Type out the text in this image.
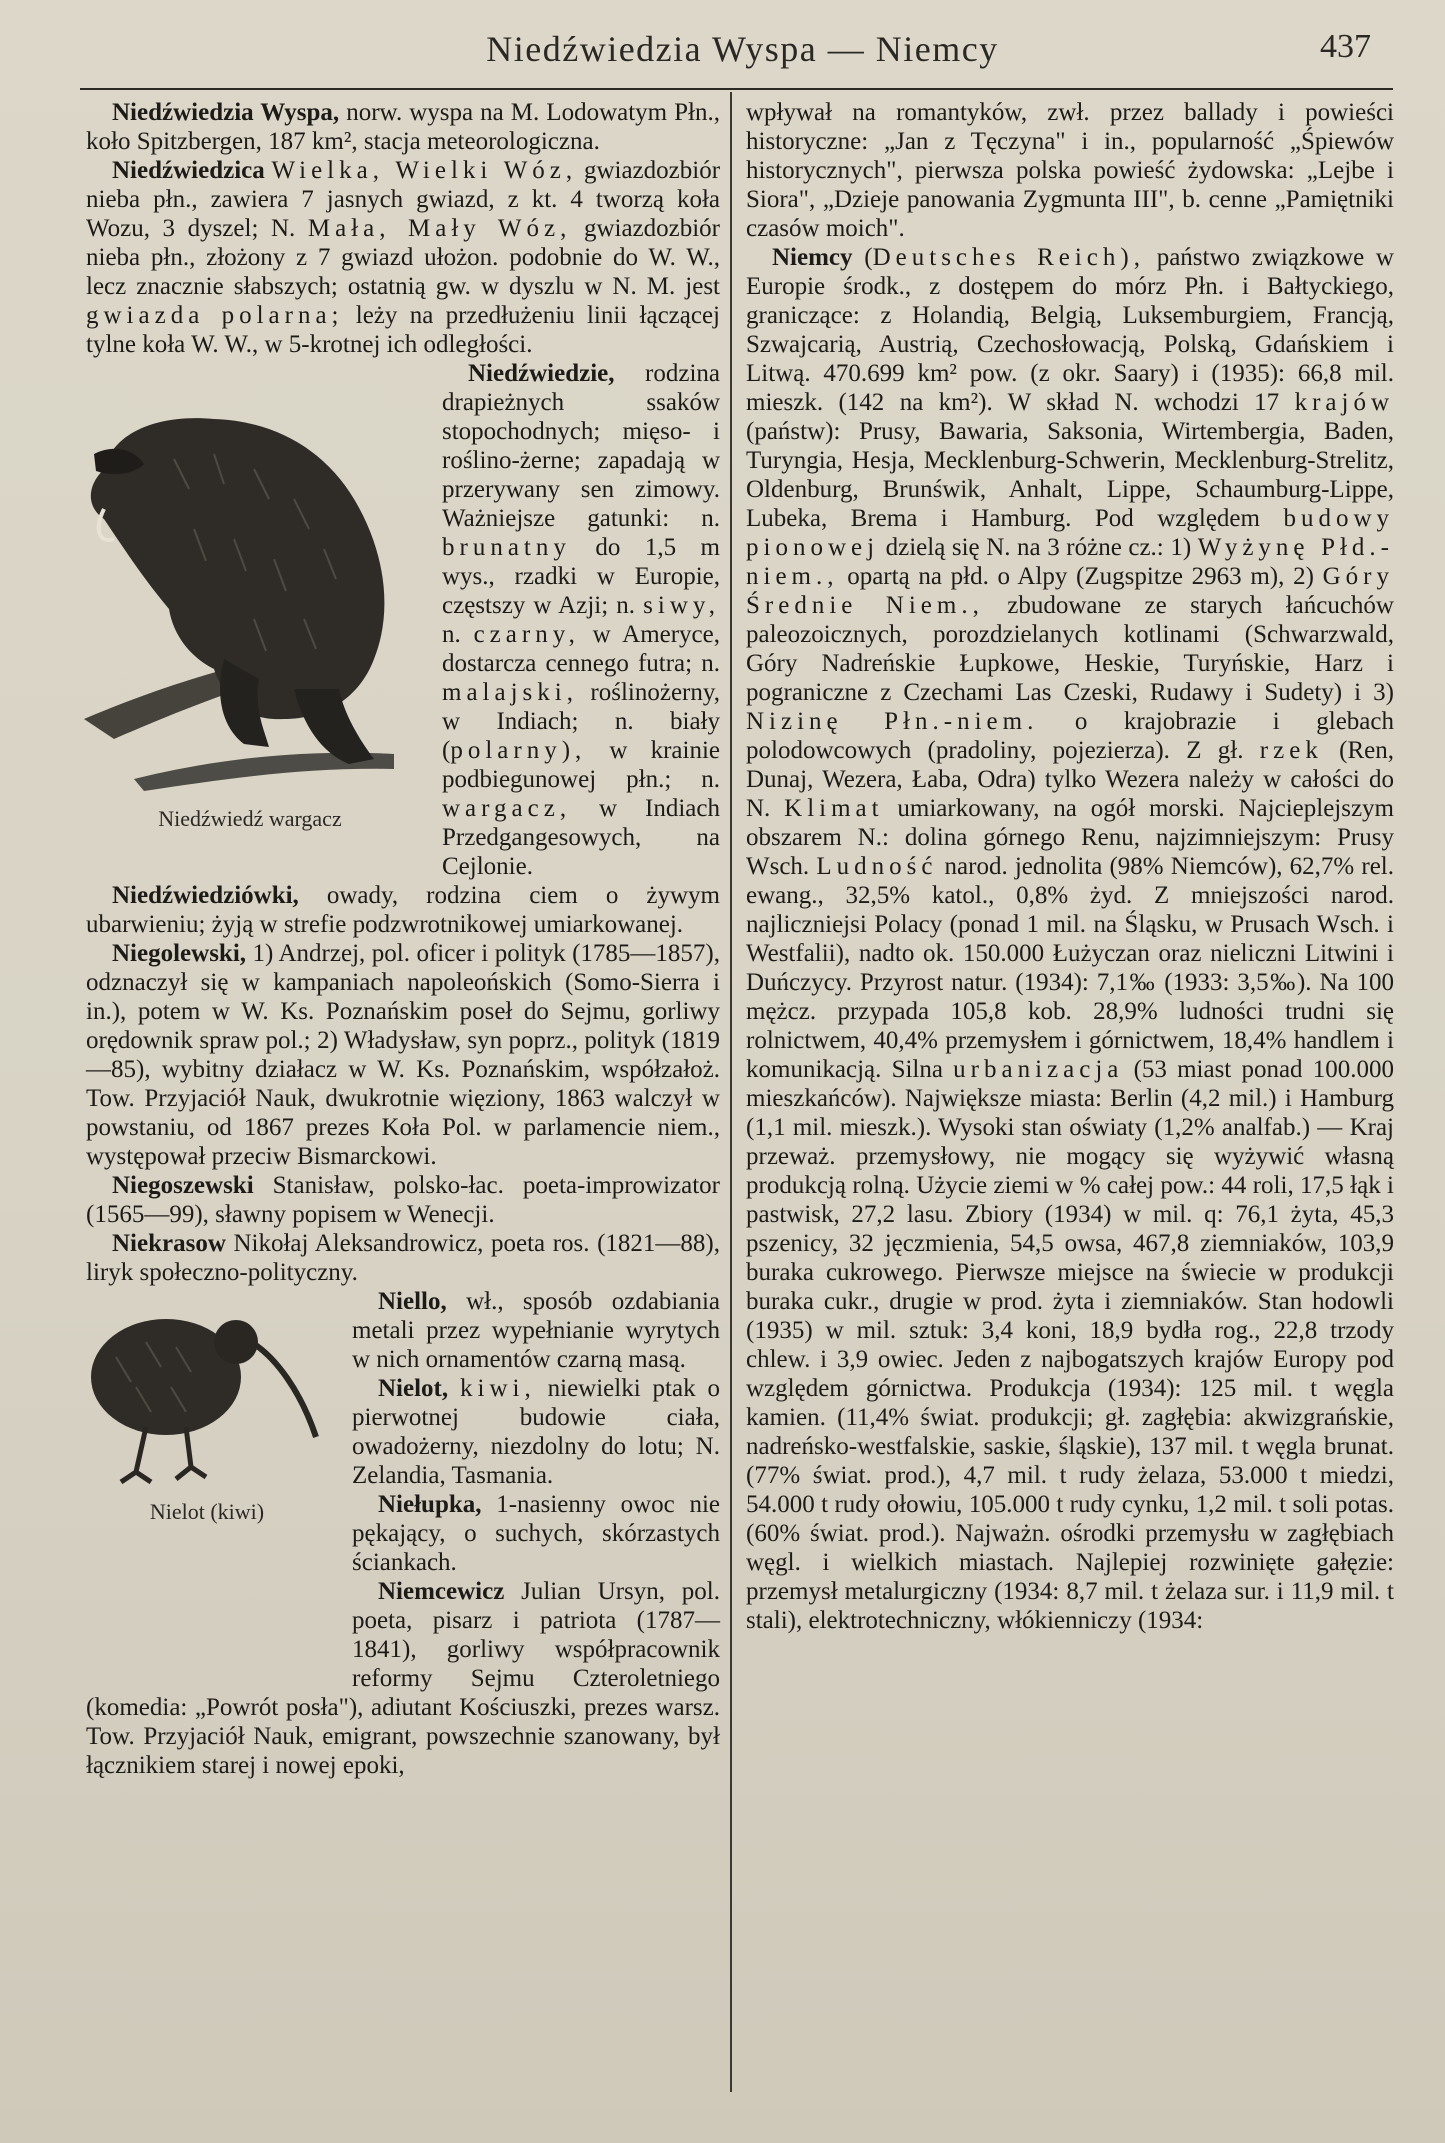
Niedźwiedzia Wyspa — Niemcy	437

Niedźwiedzia Wyspa, norw. wyspa na M. Lodowatym Płn., koło Spitzbergen, 187 km², stacja meteorologiczna.

Niedźwiedzica Wielka, Wielki Wóz, gwiazdozbiór nieba płn., zawiera 7 jasnych gwiazd, z kt. 4 tworzą koła Wozu, 3 dyszel; N. Mała, Mały Wóz, gwiazdozbiór nieba płn., złożony z 7 gwiazd ułożon. podobnie do W. W., lecz znacznie słabszych; ostatnią gw. w dyszlu w N. M. jest gwiazda polarna; leży na przedłużeniu linii łączącej tylne koła W. W., w 5-krotnej ich odległości.

Niedźwiedź wargacz

Niedźwiedzie, rodzina drapieżnych ssaków stopochodnych; mięso- i roślino-żerne; zapadają w przerywany sen zimowy. Ważniejsze gatunki: n. brunatny do 1,5 m wys., rzadki w Europie, częstszy w Azji; n. siwy, n. czarny, w Ameryce, dostarcza cennego futra; n. malajski, roślinożerny, w Indiach; n. biały (polarny), w krainie podbiegunowej płn.; n. wargacz, w Indiach Przedgangesowych, na Cejlonie.

Niedźwiedziówki, owady, rodzina ciem o żywym ubarwieniu; żyją w strefie podzwrotnikowej umiarkowanej.

Niegolewski, 1) Andrzej, pol. oficer i polityk (1785—1857), odznaczył się w kampaniach napoleońskich (Somo-Sierra i in.), potem w W. Ks. Poznańskim poseł do Sejmu, gorliwy orędownik spraw pol.; 2) Władysław, syn poprz., polityk (1819—85), wybitny działacz w W. Ks. Poznańskim, współzałoż. Tow. Przyjaciół Nauk, dwukrotnie więziony, 1863 walczył w powstaniu, od 1867 prezes Koła Pol. w parlamencie niem., występował przeciw Bismarckowi.

Niegoszewski Stanisław, polsko-łac. poeta-improwizator (1565—99), sławny popisem w Wenecji.

Niekrasow Nikołaj Aleksandrowicz, poeta ros. (1821—88), liryk społeczno-polityczny.

Nielot (kiwi)

Niello, wł., sposób ozdabiania metali przez wypełnianie wyrytych w nich ornamentów czarną masą.

Nielot, kiwi, niewielki ptak o pierwotnej budowie ciała, owadożerny, niezdolny do lotu; N. Zelandia, Tasmania.

Niełupka, 1-nasienny owoc nie pękający, o suchych, skórzastych ściankach.

Niemcewicz Julian Ursyn, pol. poeta, pisarz i patriota (1787—1841), gorliwy współpracownik reformy Sejmu Czteroletniego (komedia: „Powrót posła"), adiutant Kościuszki, prezes warsz. Tow. Przyjaciół Nauk, emigrant, powszechnie szanowany, był łącznikiem starej i nowej epoki,

wpływał na romantyków, zwł. przez ballady i powieści historyczne: „Jan z Tęczyna" i in., popularność „Śpiewów historycznych", pierwsza polska powieść żydowska: „Lejbe i Siora", „Dzieje panowania Zygmunta III", b. cenne „Pamiętniki czasów moich".

Niemcy (Deutsches Reich), państwo związkowe w Europie środk., z dostępem do mórz Płn. i Bałtyckiego, graniczące: z Holandią, Belgią, Luksemburgiem, Francją, Szwajcarią, Austrią, Czechosłowacją, Polską, Gdańskiem i Litwą. 470.699 km² pow. (z okr. Saary) i (1935): 66,8 mil. mieszk. (142 na km²). W skład N. wchodzi 17 krajów (państw): Prusy, Bawaria, Saksonia, Wirtembergia, Baden, Turyngia, Hesja, Mecklenburg-Schwerin, Mecklenburg-Strelitz, Oldenburg, Brunświk, Anhalt, Lippe, Schaumburg-Lippe, Lubeka, Brema i Hamburg. Pod względem budowy pionowej dzielą się N. na 3 różne cz.: 1) Wyżynę Płd.-niem., opartą na płd. o Alpy (Zugspitze 2963 m), 2) Góry Średnie Niem., zbudowane ze starych łańcuchów paleozoicznych, porozdzielanych kotlinami (Schwarzwald, Góry Nadreńskie Łupkowe, Heskie, Turyńskie, Harz i pograniczne z Czechami Las Czeski, Rudawy i Sudety) i 3) Nizinę Płn.-niem. o krajobrazie i glebach polodowcowych (pradoliny, pojezierza). Z gł. rzek (Ren, Dunaj, Wezera, Łaba, Odra) tylko Wezera należy w całości do N. Klimat umiarkowany, na ogół morski. Najcieplejszym obszarem N.: dolina górnego Renu, najzimniejszym: Prusy Wsch. Ludność narod. jednolita (98% Niemców), 62,7% rel. ewang., 32,5% katol., 0,8% żyd. Z mniejszości narod. najliczniejsi Polacy (ponad 1 mil. na Śląsku, w Prusach Wsch. i Westfalii), nadto ok. 150.000 Łużyczan oraz nieliczni Litwini i Duńczycy. Przyrost natur. (1934): 7,1‰ (1933: 3,5‰). Na 100 mężcz. przypada 105,8 kob. 28,9% ludności trudni się rolnictwem, 40,4% przemysłem i górnictwem, 18,4% handlem i komunikacją. Silna urbanizacja (53 miast ponad 100.000 mieszkańców). Największe miasta: Berlin (4,2 mil.) i Hamburg (1,1 mil. mieszk.). Wysoki stan oświaty (1,2% analfab.) — Kraj przeważ. przemysłowy, nie mogący się wyżywić własną produkcją rolną. Użycie ziemi w % całej pow.: 44 roli, 17,5 łąk i pastwisk, 27,2 lasu. Zbiory (1934) w mil. q: 76,1 żyta, 45,3 pszenicy, 32 jęczmienia, 54,5 owsa, 467,8 ziemniaków, 103,9 buraka cukrowego. Pierwsze miejsce na świecie w produkcji buraka cukr., drugie w prod. żyta i ziemniaków. Stan hodowli (1935) w mil. sztuk: 3,4 koni, 18,9 bydła rog., 22,8 trzody chlew. i 3,9 owiec. Jeden z najbogatszych krajów Europy pod względem górnictwa. Produkcja (1934): 125 mil. t węgla kamien. (11,4% świat. produkcji; gł. zagłębia: akwizgrańskie, nadreńsko-westfalskie, saskie, śląskie), 137 mil. t węgla brunat. (77% świat. prod.), 4,7 mil. t rudy żelaza, 53.000 t miedzi, 54.000 t rudy ołowiu, 105.000 t rudy cynku, 1,2 mil. t soli potas. (60% świat. prod.). Najważn. ośrodki przemysłu w zagłębiach węgl. i wielkich miastach. Najlepiej rozwinięte gałęzie: przemysł metalurgiczny (1934: 8,7 mil. t żelaza sur. i 11,9 mil. t stali), elektrotechniczny, włókienniczy (1934:
